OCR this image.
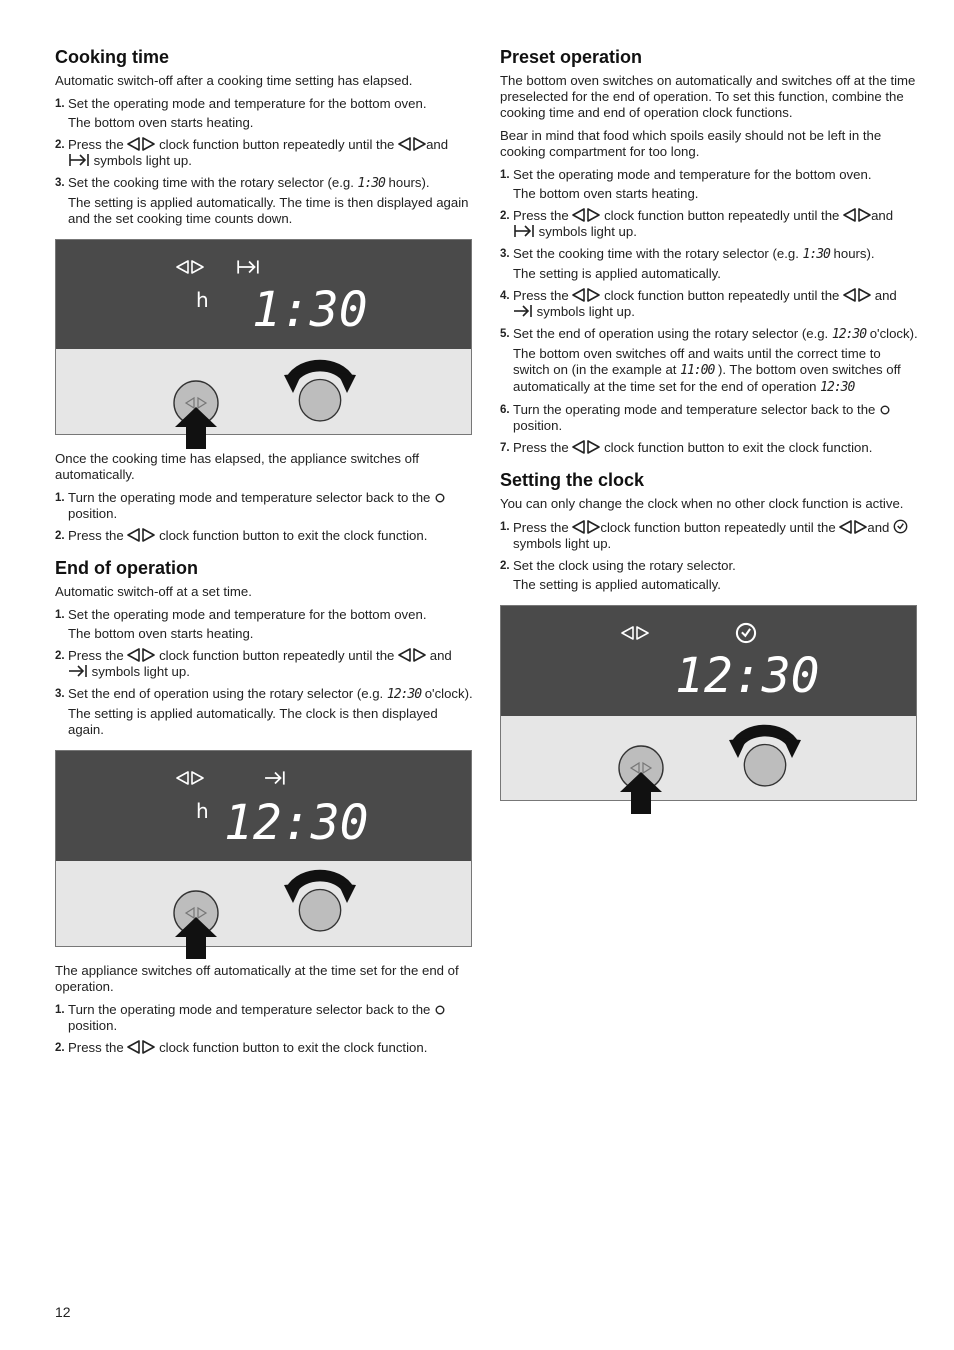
Cooking time

Automatic switch-off after a cooking time setting has elapsed.

1. Set the operating mode and temperature for the bottom oven.
The bottom oven starts heating.
2. Press the	clock function button repeatedly until the and  symbols light up.
3. Set the cooking time with the rotary selector (e.g. 1:30 hours).
The setting is applied automatically. The time is then displayed again and the set cooking time counts down.
h 1:30

Once the cooking time has elapsed, the appliance switches off automatically.

1. Turn the operating mode and temperature selector back to the  position.
2. Press the	clock function button to exit the clock function.
End of operation

Automatic switch-off at a set time.

1. Set the operating mode and temperature for the bottom oven.
The bottom oven starts heating.
2. Press the	clock function button repeatedly until the	and  symbols light up.
3. Set the end of operation using the rotary selector (e.g. 12:30 o'clock).
The setting is applied automatically. The clock is then displayed again.
h 12:30

The appliance switches off automatically at the time set for the end of operation.

1. Turn the operating mode and temperature selector back to the  position.
2. Press the	clock function button to exit the clock function.
Preset operation

The bottom oven switches on automatically and switches off at the time preselected for the end of operation. To set this function, combine the cooking time and end of operation clock functions.

Bear in mind that food which spoils easily should not be left in the cooking compartment for too long.

1. Set the operating mode and temperature for the bottom oven.
The bottom oven starts heating.
2. Press the	clock function button repeatedly until the and  symbols light up.
3. Set the cooking time with the rotary selector (e.g. 1:30 hours).
The setting is applied automatically.
4. Press the	clock function button repeatedly until the	and  symbols light up.
5. Set the end of operation using the rotary selector (e.g. 12:30 o'clock).
The bottom oven switches off and waits until the correct time to switch on (in the example at 11:00 ). The bottom oven switches off automatically at the time set for the end of operation 12:30
6. Turn the operating mode and temperature selector back to the  position.
7. Press the	clock function button to exit the clock function.
Setting the clock

You can only change the clock when no other clock function is active.

1. Press the clock function button repeatedly until the and  symbols light up.
2. Set the clock using the rotary selector.
The setting is applied automatically.
12:30
12
